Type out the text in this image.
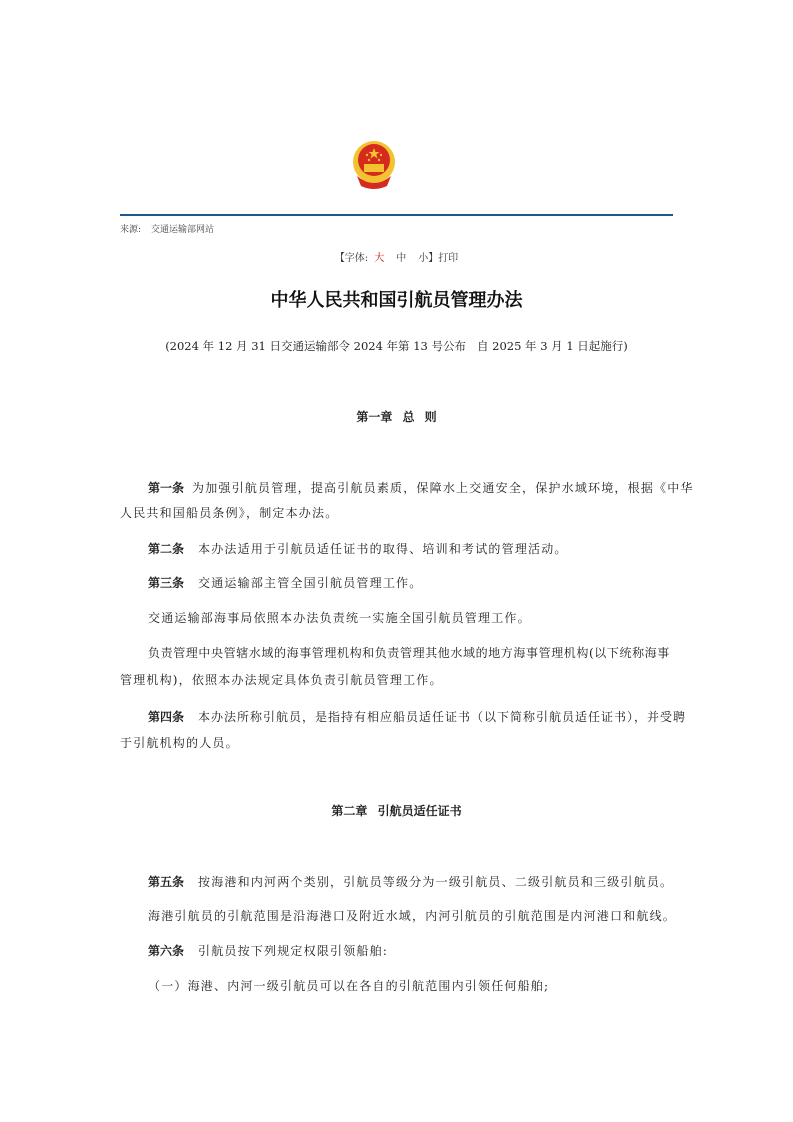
来源: 交通运输部网站
【字体: 大 中 小】打印
中华人民共和国引航员管理办法
(2024 年 12 月 31 日交通运输部令 2024 年第 13 号公布   自 2025 年 3 月 1 日起施行)
第一章 总 则
第一条 为加强引航员管理，提高引航员素质，保障水上交通安全，保护水域环境，根据《中华
人民共和国船员条例》，制定本办法。
第二条 本办法适用于引航员适任证书的取得、培训和考试的管理活动。
第三条 交通运输部主管全国引航员管理工作。
交通运输部海事局依照本办法负责统一实施全国引航员管理工作。
负责管理中央管辖水域的海事管理机构和负责管理其他水域的地方海事管理机构(以下统称海事
管理机构)，依照本办法规定具体负责引航员管理工作。
第四条 本办法所称引航员，是指持有相应船员适任证书（以下简称引航员适任证书），并受聘
于引航机构的人员。
第二章 引航员适任证书
第五条 按海港和内河两个类别，引航员等级分为一级引航员、二级引航员和三级引航员。
海港引航员的引航范围是沿海港口及附近水域，内河引航员的引航范围是内河港口和航线。
第六条 引航员按下列规定权限引领船舶:
（一）海港、内河一级引航员可以在各自的引航范围内引领任何船舶;
